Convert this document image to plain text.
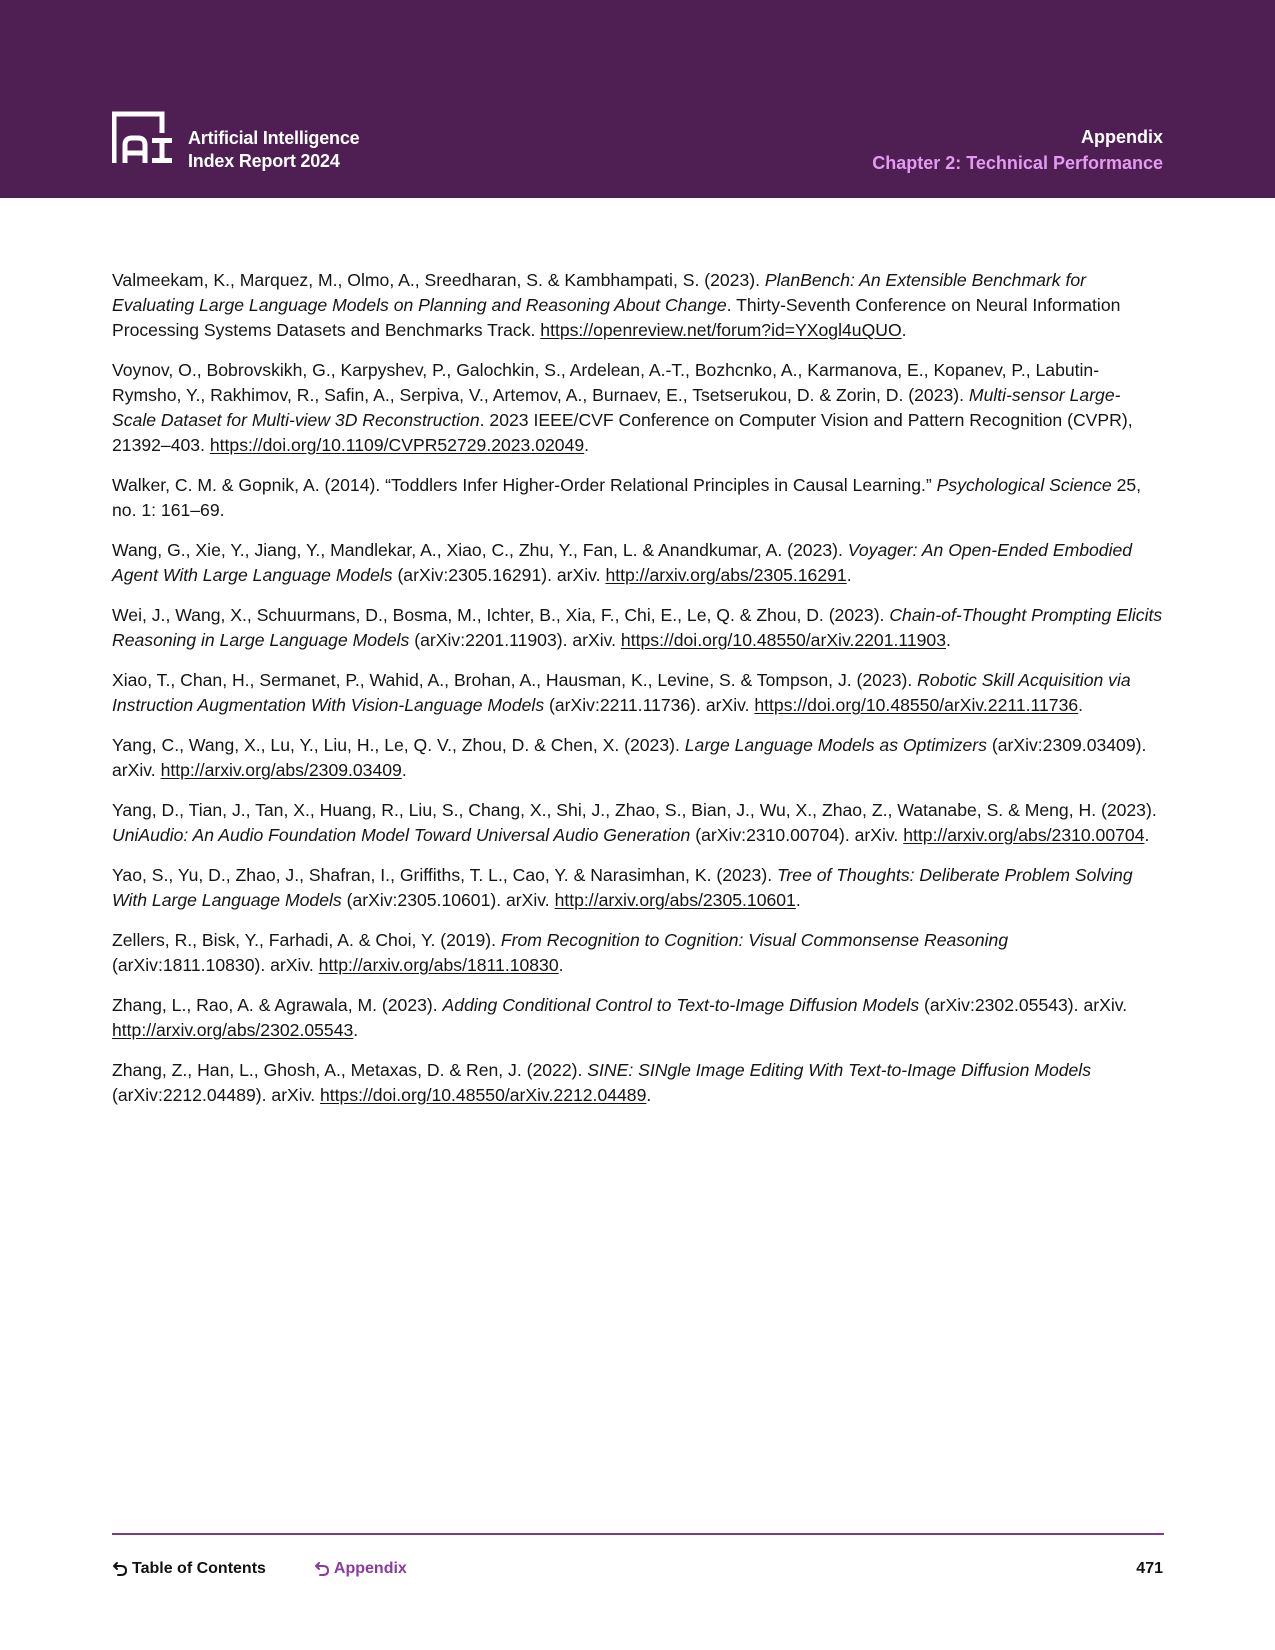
Artificial Intelligence
Index Report 2024
Appendix
Chapter 2: Technical Performance

Valmeekam, K., Marquez, M., Olmo, A., Sreedharan, S. & Kambhampati, S. (2023). PlanBench: An Extensible Benchmark for Evaluating Large Language Models on Planning and Reasoning About Change. Thirty-Seventh Conference on Neural Information Processing Systems Datasets and Benchmarks Track. https://openreview.net/forum?id=YXogl4uQUO.

Voynov, O., Bobrovskikh, G., Karpyshev, P., Galochkin, S., Ardelean, A.-T., Bozhcnko, A., Karmanova, E., Kopanev, P., Labutin-Rymsho, Y., Rakhimov, R., Safin, A., Serpiva, V., Artemov, A., Burnaev, E., Tsetserukou, D. & Zorin, D. (2023). Multi-sensor Large-Scale Dataset for Multi-view 3D Reconstruction. 2023 IEEE/CVF Conference on Computer Vision and Pattern Recognition (CVPR), 21392–403. https://doi.org/10.1109/CVPR52729.2023.02049.

Walker, C. M. & Gopnik, A. (2014). “Toddlers Infer Higher-Order Relational Principles in Causal Learning.” Psychological Science 25, no. 1: 161–69.

Wang, G., Xie, Y., Jiang, Y., Mandlekar, A., Xiao, C., Zhu, Y., Fan, L. & Anandkumar, A. (2023). Voyager: An Open-Ended Embodied Agent With Large Language Models (arXiv:2305.16291). arXiv. http://arxiv.org/abs/2305.16291.

Wei, J., Wang, X., Schuurmans, D., Bosma, M., Ichter, B., Xia, F., Chi, E., Le, Q. & Zhou, D. (2023). Chain-of-Thought Prompting Elicits Reasoning in Large Language Models (arXiv:2201.11903). arXiv. https://doi.org/10.48550/arXiv.2201.11903.

Xiao, T., Chan, H., Sermanet, P., Wahid, A., Brohan, A., Hausman, K., Levine, S. & Tompson, J. (2023). Robotic Skill Acquisition via Instruction Augmentation With Vision-Language Models (arXiv:2211.11736). arXiv. https://doi.org/10.48550/arXiv.2211.11736.

Yang, C., Wang, X., Lu, Y., Liu, H., Le, Q. V., Zhou, D. & Chen, X. (2023). Large Language Models as Optimizers (arXiv:2309.03409). arXiv. http://arxiv.org/abs/2309.03409.

Yang, D., Tian, J., Tan, X., Huang, R., Liu, S., Chang, X., Shi, J., Zhao, S., Bian, J., Wu, X., Zhao, Z., Watanabe, S. & Meng, H. (2023). UniAudio: An Audio Foundation Model Toward Universal Audio Generation (arXiv:2310.00704). arXiv. http://arxiv.org/abs/2310.00704.

Yao, S., Yu, D., Zhao, J., Shafran, I., Griffiths, T. L., Cao, Y. & Narasimhan, K. (2023). Tree of Thoughts: Deliberate Problem Solving With Large Language Models (arXiv:2305.10601). arXiv. http://arxiv.org/abs/2305.10601.

Zellers, R., Bisk, Y., Farhadi, A. & Choi, Y. (2019). From Recognition to Cognition: Visual Commonsense Reasoning (arXiv:1811.10830). arXiv. http://arxiv.org/abs/1811.10830.

Zhang, L., Rao, A. & Agrawala, M. (2023). Adding Conditional Control to Text-to-Image Diffusion Models (arXiv:2302.05543). arXiv. http://arxiv.org/abs/2302.05543.

Zhang, Z., Han, L., Ghosh, A., Metaxas, D. & Ren, J. (2022). SINE: SINgle Image Editing With Text-to-Image Diffusion Models (arXiv:2212.04489). arXiv. https://doi.org/10.48550/arXiv.2212.04489.

Table of Contents	Appendix	471
